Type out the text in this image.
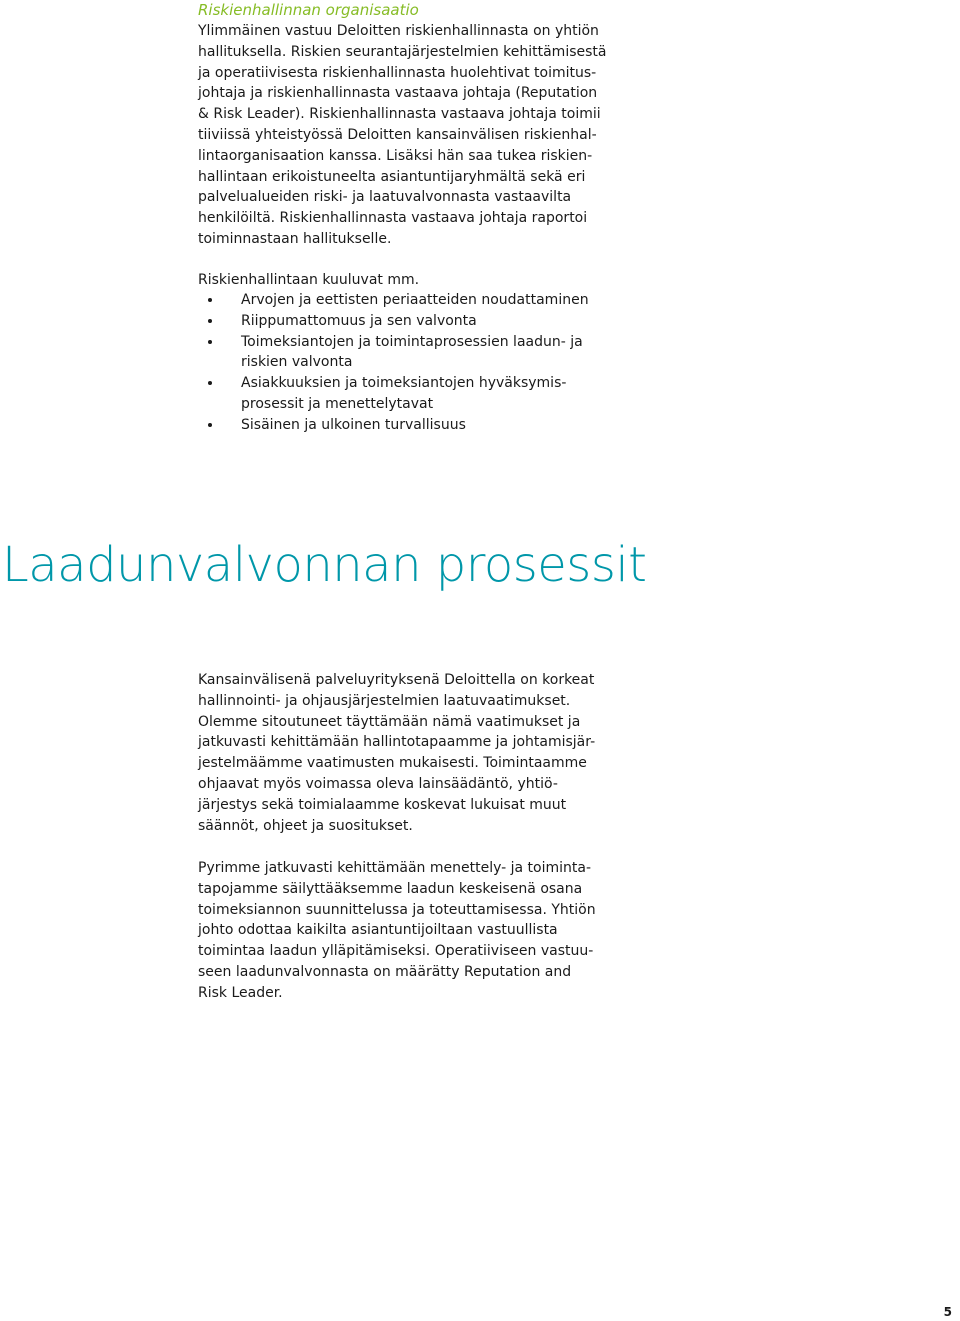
Riskienhallinnan organisaatio

Ylimmäinen vastuu Deloitten riskienhallinnasta on yhtiön
hallituksella. Riskien seurantajärjestelmien kehittämisestä
ja operatiivisesta riskienhallinnasta huolehtivat toimitus-
johtaja ja riskienhallinnasta vastaava johtaja (Reputation
& Risk Leader). Riskienhallinnasta vastaava johtaja toimii
tiiviissä yhteistyössä Deloitten kansainvälisen riskienhal-
lintaorganisaation kanssa. Lisäksi hän saa tukea riskien-
hallintaan erikoistuneelta asiantuntijaryhmältä sekä eri
palvelualueiden riski- ja laatuvalvonnasta vastaavilta
henkilöiltä. Riskienhallinnasta vastaava johtaja raportoi
toiminnastaan hallitukselle.

Riskienhallintaan kuuluvat mm.

Arvojen ja eettisten periaatteiden noudattaminen
Riippumattomuus ja sen valvonta
Toimeksiantojen ja toimintaprosessien laadun- ja
riskien valvonta
Asiakkuuksien ja toimeksiantojen hyväksymis-
prosessit ja menettelytavat
Sisäinen ja ulkoinen turvallisuus
Laadunvalvonnan prosessit

Kansainvälisenä palveluyrityksenä Deloittella on korkeat
hallinnointi- ja ohjausjärjestelmien laatuvaatimukset.
Olemme sitoutuneet täyttämään nämä vaatimukset ja
jatkuvasti kehittämään hallintotapaamme ja johtamisjär-
jestelmäämme vaatimusten mukaisesti. Toimintaamme
ohjaavat myös voimassa oleva lainsäädäntö, yhtiö-
järjestys sekä toimialaamme koskevat lukuisat muut
säännöt, ohjeet ja suositukset.

Pyrimme jatkuvasti kehittämään menettely- ja toiminta-
tapojamme säilyttääksemme laadun keskeisenä osana
toimeksiannon suunnittelussa ja toteuttamisessa. Yhtiön
johto odottaa kaikilta asiantuntijoiltaan vastuullista
toimintaa laadun ylläpitämiseksi. Operatiiviseen vastuu-
seen laadunvalvonnasta on määrätty Reputation and
Risk Leader.

5
